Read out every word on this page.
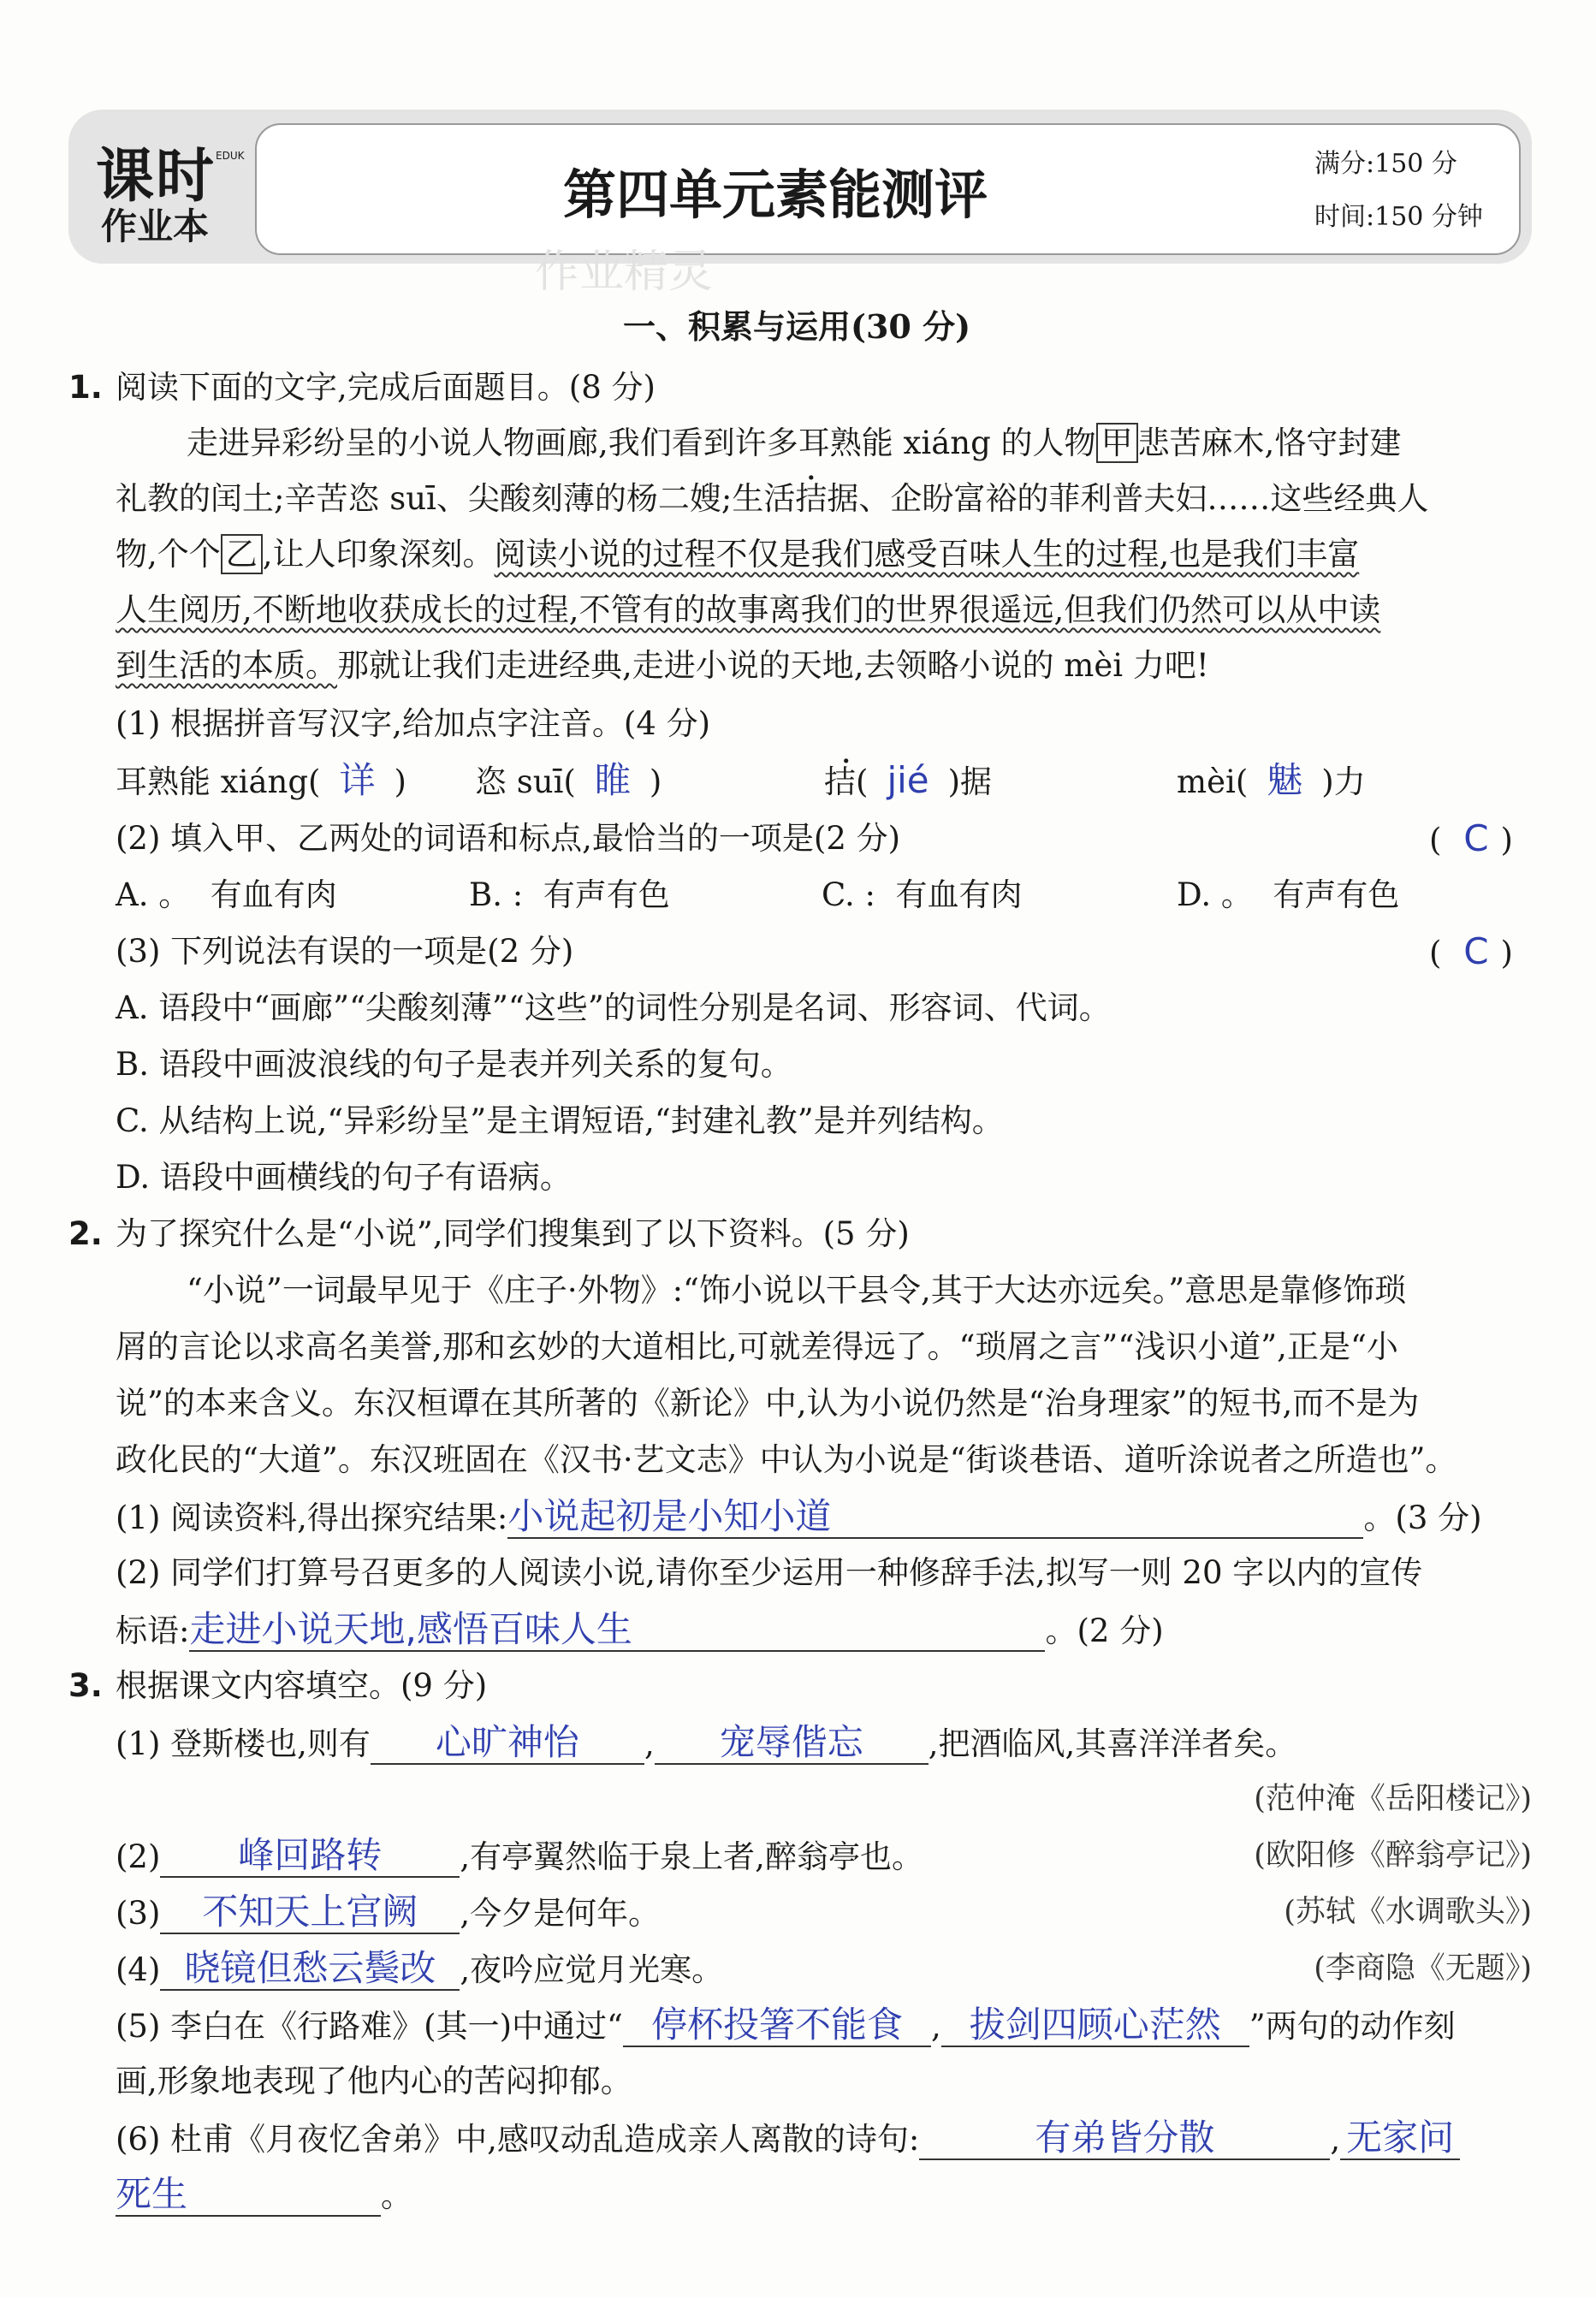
课时 EDUK
作业本
第四单元素能测评	满分:150 分
时间:150 分钟
作业精灵
一、积累与运用(30 分)
1. 阅读下面的文字,完成后面题目。(8 分)
走进异彩纷呈的小说人物画廊,我们看到许多耳熟能 xiáng 的人物 甲 悲苦麻木,恪守封建
礼教的闰土;辛苦恣 suī、尖酸刻薄的杨二嫂;生活拮据、企盼富裕的菲利普夫妇……这些经典人
物,个个 乙 ,让人印象深刻。阅读小说的过程不仅是我们感受百味人生的过程,也是我们丰富
人生阅历,不断地收获成长的过程,不管有的故事离我们的世界很遥远,但我们仍然可以从中读
到生活的本质。那就让我们走进经典,走进小说的天地,去领略小说的 mèi 力吧!
(1) 根据拼音写汉字,给加点字注音。(4 分)
耳熟能 xiáng( 详 ) 恣 suī( 睢 )	拮( · jié )据	mèi( 魅 )力
(2) 填入甲、乙两处的词语和标点,最恰当的一项是(2 分)	( C )
A. 。  有血有肉	B. :  有声有色	C. :  有血有肉	D. 。  有声有色
(3) 下列说法有误的一项是(2 分)	( C )
A. 语段中“画廊”“尖酸刻薄”“这些”的词性分别是名词、形容词、代词。
B. 语段中画波浪线的句子是表并列关系的复句。
C. 从结构上说,“异彩纷呈”是主谓短语,“封建礼教”是并列结构。
D. 语段中画横线的句子有语病。
2. 为了探究什么是“小说”,同学们搜集到了以下资料。(5 分)
“小说”一词最早见于《庄子·外物》:“饰小说以干县令,其于大达亦远矣。”意思是靠修饰琐
屑的言论以求高名美誉,那和玄妙的大道相比,可就差得远了。“琐屑之言”“浅识小道”,正是“小
说”的本来含义。东汉桓谭在其所著的《新论》中,认为小说仍然是“治身理家”的短书,而不是为
政化民的“大道”。东汉班固在《汉书·艺文志》中认为小说是“街谈巷语、道听涂说者之所造也”。
(1) 阅读资料,得出探究结果:小说起初是小知小道	。(3 分)
(2) 同学们打算号召更多的人阅读小说,请你至少运用一种修辞手法,拟写一则 20 字以内的宣传
标语:走进小说天地,感悟百味人生	。(2 分)
3. 根据课文内容填空。(9 分)
(1) 登斯楼也,则有 心旷神怡 , 宠辱偕忘 ,把酒临风,其喜洋洋者矣。
(范仲淹《岳阳楼记》)
(2) 峰回路转 ,有亭翼然临于泉上者,醉翁亭也。	(欧阳修《醉翁亭记》)
(3) 不知天上宫阙 ,今夕是何年。	(苏轼《水调歌头》)
(4) 晓镜但愁云鬓改 ,夜吟应觉月光寒。	(李商隐《无题》)
(5) 李白在《行路难》(其一)中通过“ 停杯投箸不能食 , 拔剑四顾心茫然 ”两句的动作刻
画,形象地表现了他内心的苦闷抑郁。
(6) 杜甫《月夜忆舍弟》中,感叹动乱造成亲人离散的诗句:	有弟皆分散	, 无家问
死生	。
